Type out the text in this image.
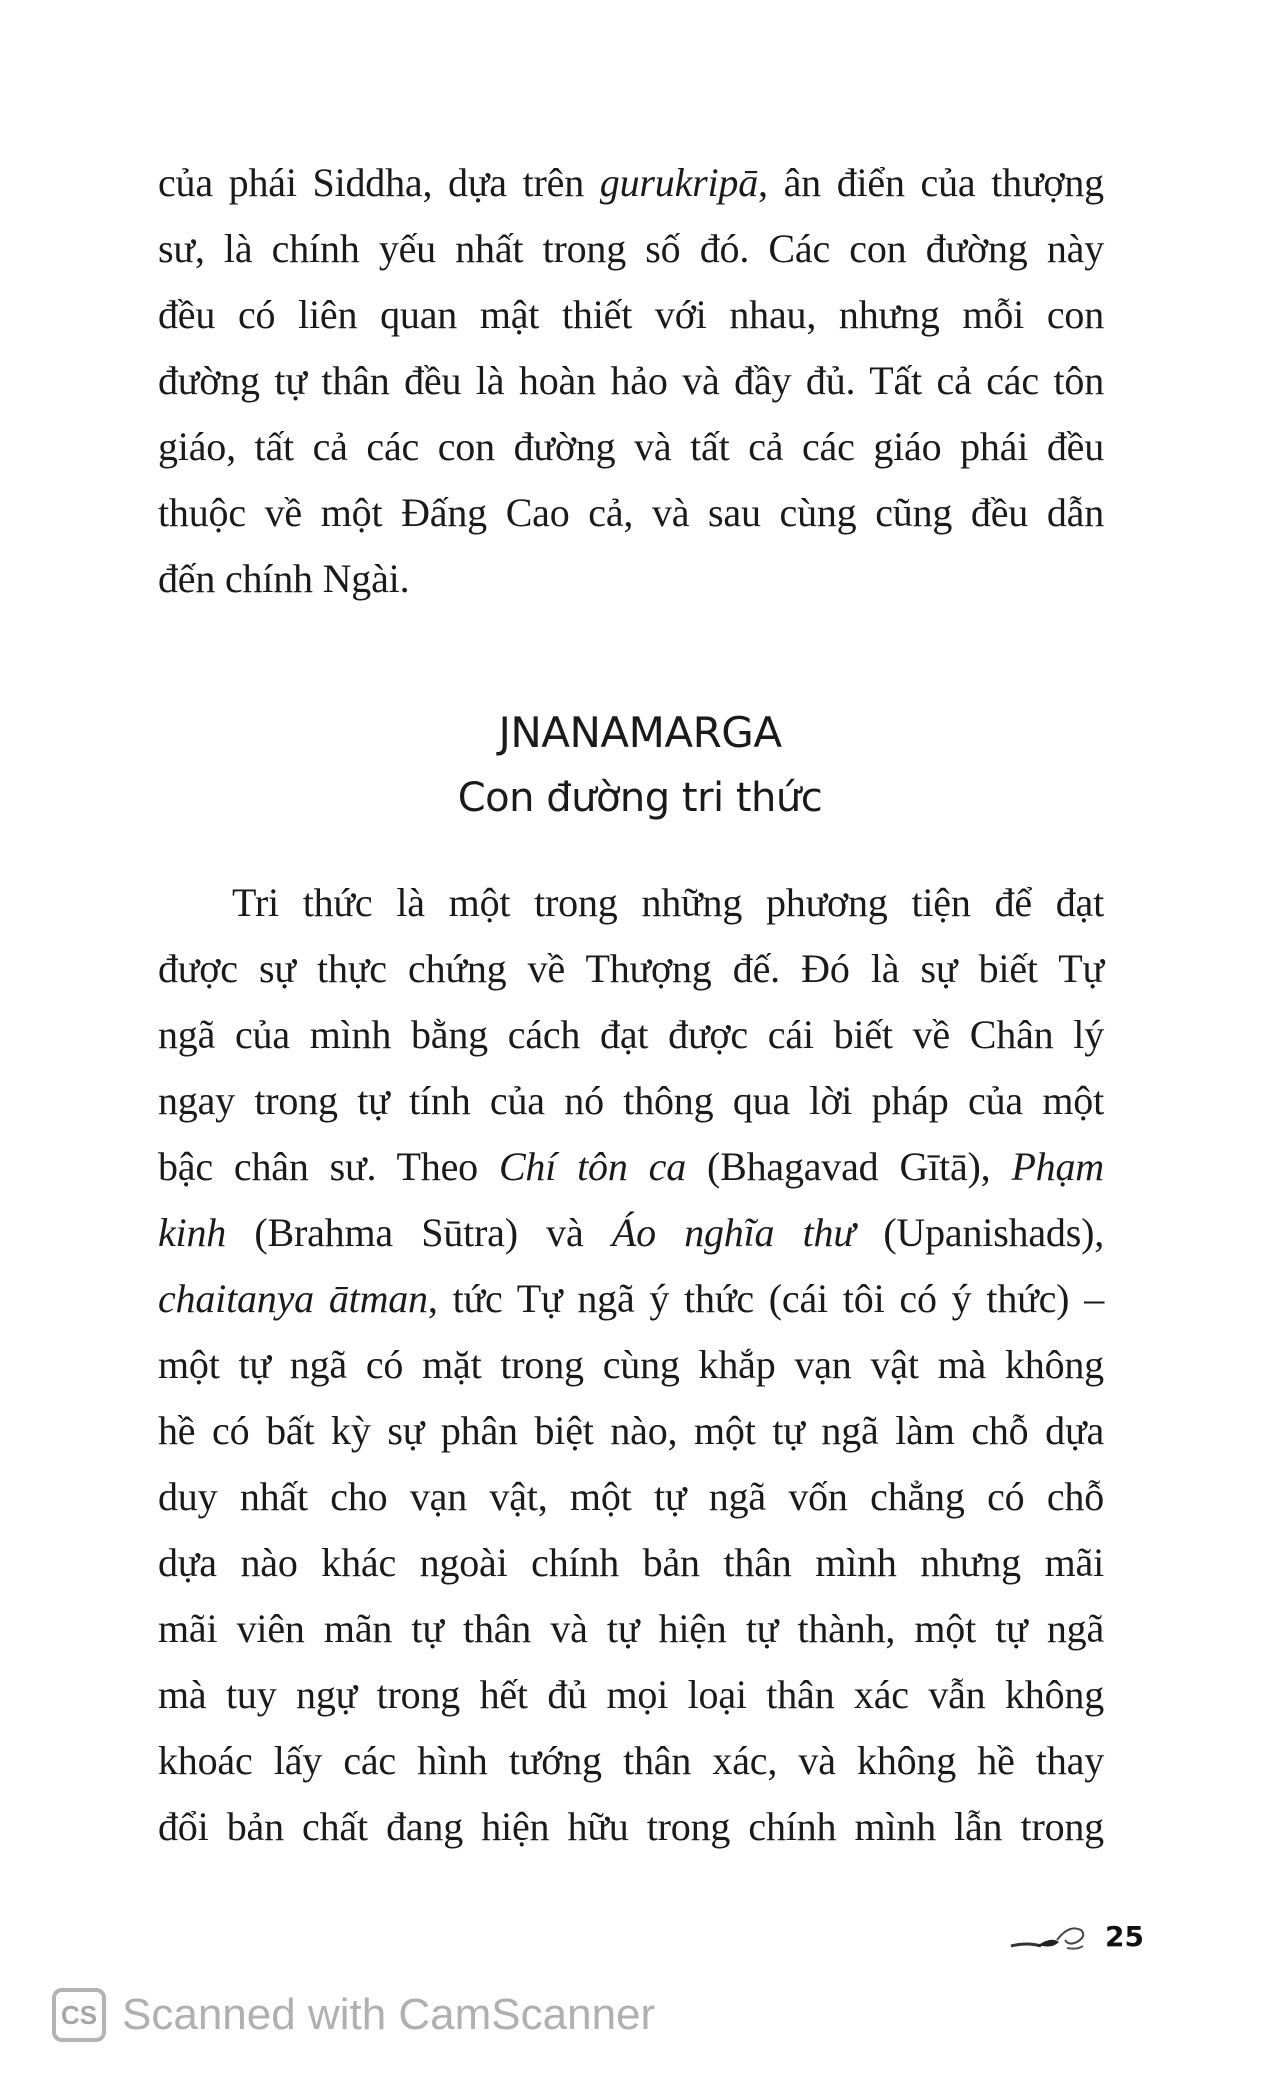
của phái Siddha, dựa trên gurukripā, ân điển của thượng
sư, là chính yếu nhất trong số đó. Các con đường này
đều có liên quan mật thiết với nhau, nhưng mỗi con
đường tự thân đều là hoàn hảo và đầy đủ. Tất cả các tôn
giáo, tất cả các con đường và tất cả các giáo phái đều
thuộc về một Đấng Cao cả, và sau cùng cũng đều dẫn
đến chính Ngài.
JNANAMARGA
Con đường tri thức
Tri thức là một trong những phương tiện để đạt
được sự thực chứng về Thượng đế. Đó là sự biết Tự
ngã của mình bằng cách đạt được cái biết về Chân lý
ngay trong tự tính của nó thông qua lời pháp của một
bậc chân sư. Theo Chí tôn ca (Bhagavad Gītā), Phạm
kinh (Brahma Sūtra) và Áo nghĩa thư (Upanishads),
chaitanya ātman, tức Tự ngã ý thức (cái tôi có ý thức) –
một tự ngã có mặt trong cùng khắp vạn vật mà không
hề có bất kỳ sự phân biệt nào, một tự ngã làm chỗ dựa
duy nhất cho vạn vật, một tự ngã vốn chẳng có chỗ
dựa nào khác ngoài chính bản thân mình nhưng mãi
mãi viên mãn tự thân và tự hiện tự thành, một tự ngã
mà tuy ngự trong hết đủ mọi loại thân xác vẫn không
khoác lấy các hình tướng thân xác, và không hề thay
đổi bản chất đang hiện hữu trong chính mình lẫn trong
25
CS Scanned with CamScanner
